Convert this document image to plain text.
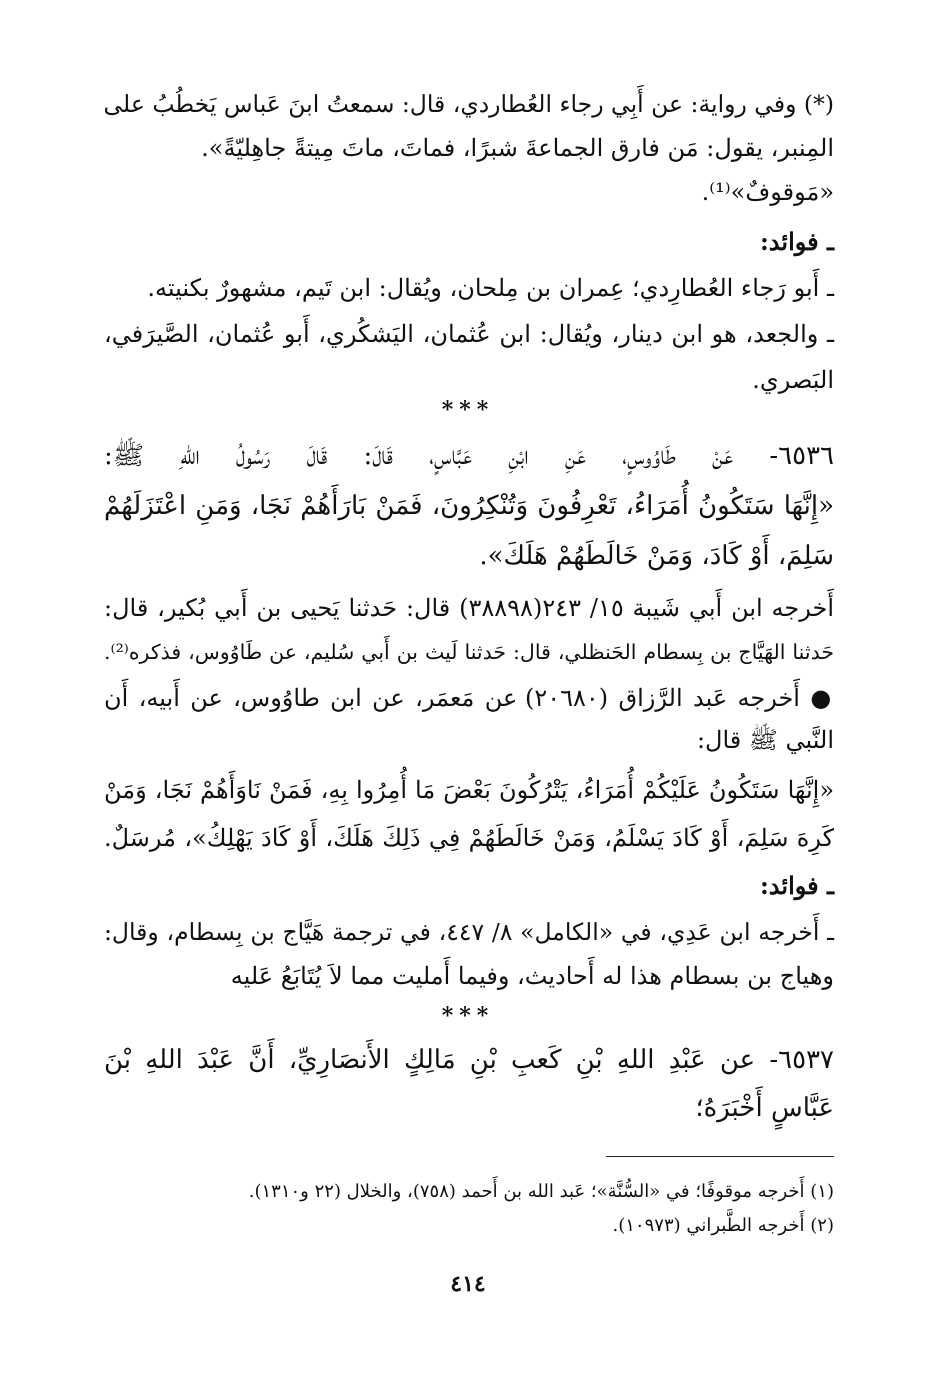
(*) وفي رواية: عن أَبِي رجاء العُطاردي، قال: سمعتُ ابنَ عَباس يَخطُبُ على
المِنبر، يقول: مَن فارق الجماعةَ شبرًا، فماتَ، ماتَ مِيتةً جاهِليّةً».
«مَوقوفٌ»⁽¹⁾.
ـ فوائد:
ـ أَبو رَجاء العُطارِدي؛ عِمران بن مِلحان، ويُقال: ابن تَيم، مشهورٌ بكنيته.
ـ والجعد، هو ابن دينار، ويُقال: ابن عُثمان، اليَشكُري، أَبو عُثمان، الصَّيرَفي،
البَصري.
***
٦٥٣٦- عَنْ طَاوُوسٍ، عَنِ ابْنِ عَبَّاسٍ، قَالَ: قَالَ رَسُولُ اللهِ ﷺ:
«إِنَّهَا سَتَكُونُ أُمَرَاءُ، تَعْرِفُونَ وَتُنْكِرُونَ، فَمَنْ بَارَأَهُمْ نَجَا، وَمَنِ اعْتَزَلَهُمْ
سَلِمَ، أَوْ كَادَ، وَمَنْ خَالَطَهُمْ هَلَكَ».
أَخرجه ابن أَبي شَيبة ١٥/ ٢٤٣(٣٨٨٩٨) قال: حَدثنا يَحيى بن أَبي بُكير، قال:
حَدثنا الهَيَّاج بن بِسطام الحَنظلي، قال: حَدثنا لَيث بن أَبي سُليم، عن طَاوُوس، فذكره⁽²⁾.
● أَخرجه عَبد الرَّزاق (٢٠٦٨٠) عن مَعمَر، عن ابن طاوُوس، عن أَبيه، أَن
النَّبي ﷺ قال:
«إِنَّهَا سَتَكُونُ عَلَيْكُمْ أُمَرَاءُ، يَتْرُكُونَ بَعْضَ مَا أُمِرُوا بِهِ، فَمَنْ نَاوَأَهُمْ نَجَا، وَمَنْ
كَرِهَ سَلِمَ، أَوْ كَادَ يَسْلَمُ، وَمَنْ خَالَطَهُمْ فِي ذَلِكَ هَلَكَ، أَوْ كَادَ يَهْلِكُ»، مُرسَلٌ.
ـ فوائد:
ـ أَخرجه ابن عَدِي، في «الكامل» ٨/ ٤٤٧، في ترجمة هَيَّاج بن بِسطام، وقال:
وهياج بن بسطام هذا له أَحاديث، وفيما أَمليت مما لاَ يُتَابَعُ عَليه
***
٦٥٣٧- عن عَبْدِ اللهِ بْنِ كَعبِ بْنِ مَالِكٍ الأَنصَارِيِّ، أَنَّ عَبْدَ اللهِ بْنَ
عَبَّاسٍ أَخْبَرَهُ؛
(١) أَخرجه موقوفًا؛ في «السُّنَّة»؛ عَبد الله بن أَحمد (٧٥٨)، والخلال (٢٢ و١٣١٠).
(٢) أَخرجه الطَّبراني (١٠٩٧٣).
٤١٤
